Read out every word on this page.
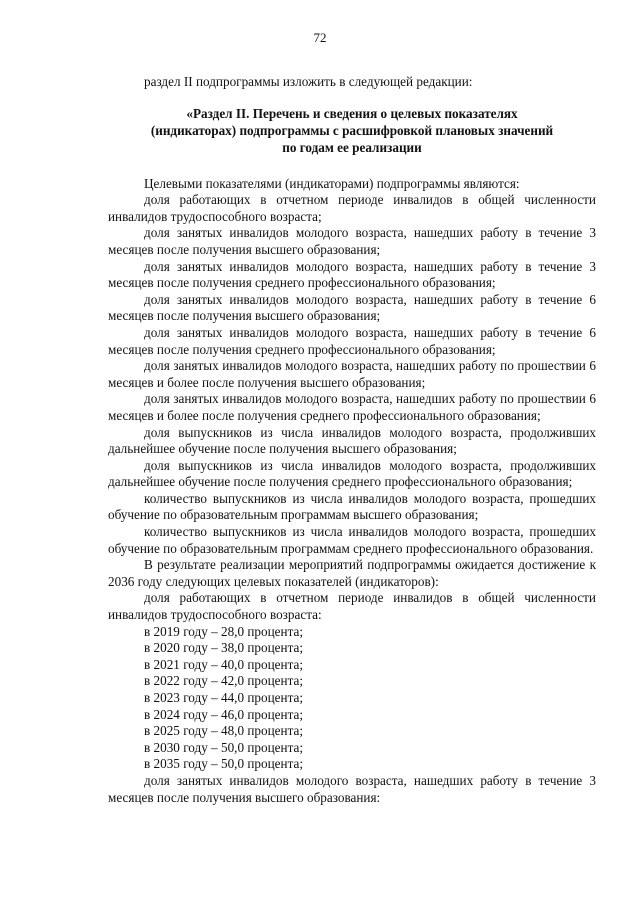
72

раздел II подпрограммы изложить в следующей редакции:

«Раздел II. Перечень и сведения о целевых показателях
(индикаторах) подпрограммы с расшифровкой плановых значений
по годам ее реализации

Целевыми показателями (индикаторами) подпрограммы являются:

доля работающих в отчетном периоде инвалидов в общей численности инвалидов трудоспособного возраста;

доля занятых инвалидов молодого возраста, нашедших работу в течение 3 месяцев после получения высшего образования;

доля занятых инвалидов молодого возраста, нашедших работу в течение 3 месяцев после получения среднего профессионального образования;

доля занятых инвалидов молодого возраста, нашедших работу в течение 6 месяцев после получения высшего образования;

доля занятых инвалидов молодого возраста, нашедших работу в течение 6 месяцев после получения среднего профессионального образования;

доля занятых инвалидов молодого возраста, нашедших работу по прошествии 6 месяцев и более после получения высшего образования;

доля занятых инвалидов молодого возраста, нашедших работу по прошествии 6 месяцев и более после получения среднего профессионального образования;

доля выпускников из числа инвалидов молодого возраста, продолживших дальнейшее обучение после получения высшего образования;

доля выпускников из числа инвалидов молодого возраста, продолживших дальнейшее обучение после получения среднего профессионального образования;

количество выпускников из числа инвалидов молодого возраста, прошедших обучение по образовательным программам высшего образования;

количество выпускников из числа инвалидов молодого возраста, прошедших обучение по образовательным программам среднего профессионального образования.

В результате реализации мероприятий подпрограммы ожидается достижение к 2036 году следующих целевых показателей (индикаторов):

доля работающих в отчетном периоде инвалидов в общей численности инвалидов трудоспособного возраста:

в 2019 году – 28,0 процента;
в 2020 году – 38,0 процента;
в 2021 году – 40,0 процента;
в 2022 году – 42,0 процента;
в 2023 году – 44,0 процента;
в 2024 году – 46,0 процента;
в 2025 году – 48,0 процента;
в 2030 году – 50,0 процента;
в 2035 году – 50,0 процента;

доля занятых инвалидов молодого возраста, нашедших работу в течение 3 месяцев после получения высшего образования:
